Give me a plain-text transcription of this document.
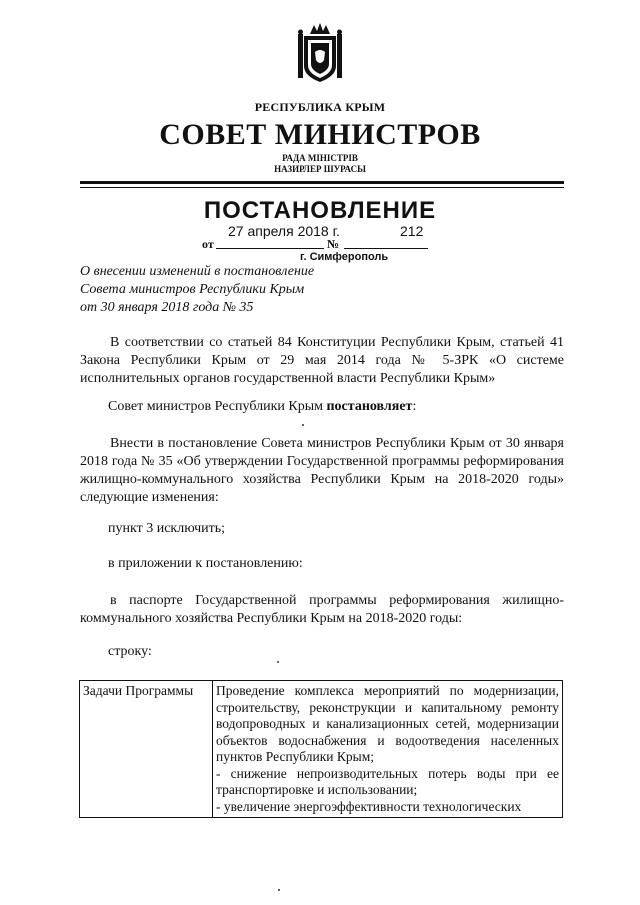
РЕСПУБЛИКА КРЫМ
СОВЕТ МИНИСТРОВ
РАДА МІНІСТРІВ
НАЗИРЛЕР ШУРАСЫ
ПОСТАНОВЛЕНИЕ
27 апреля 2018 г.	212
от	№
г. Симферополь
О внесении изменений в постановление
Совета министров Республики Крым
от 30 января 2018 года № 35
В соответствии со статьей 84 Конституции Республики Крым, статьей 41 Закона Республики Крым от 29 мая 2014 года № 5-ЗРК «О системе исполнительных органов государственной власти Республики Крым»
Совет министров Республики Крым постановляет:
Внести в постановление Совета министров Республики Крым от 30 января 2018 года № 35 «Об утверждении Государственной программы реформирования жилищно-коммунального хозяйства Республики Крым на 2018-2020 годы» следующие изменения:
пункт 3 исключить;
в приложении к постановлению:
в паспорте Государственной программы реформирования жилищно-коммунального хозяйства Республики Крым на 2018-2020 годы:
строку:
Задачи Программы	Проведение комплекса мероприятий по модернизации, строительству, реконструкции и капитальному ремонту водопроводных и канализационных сетей, модернизации объектов водоснабжения и водоотведения населенных пунктов Республики Крым;
- снижение непроизводительных потерь воды при ее транспортировке и использовании;
- увеличение энергоэффективности технологических
